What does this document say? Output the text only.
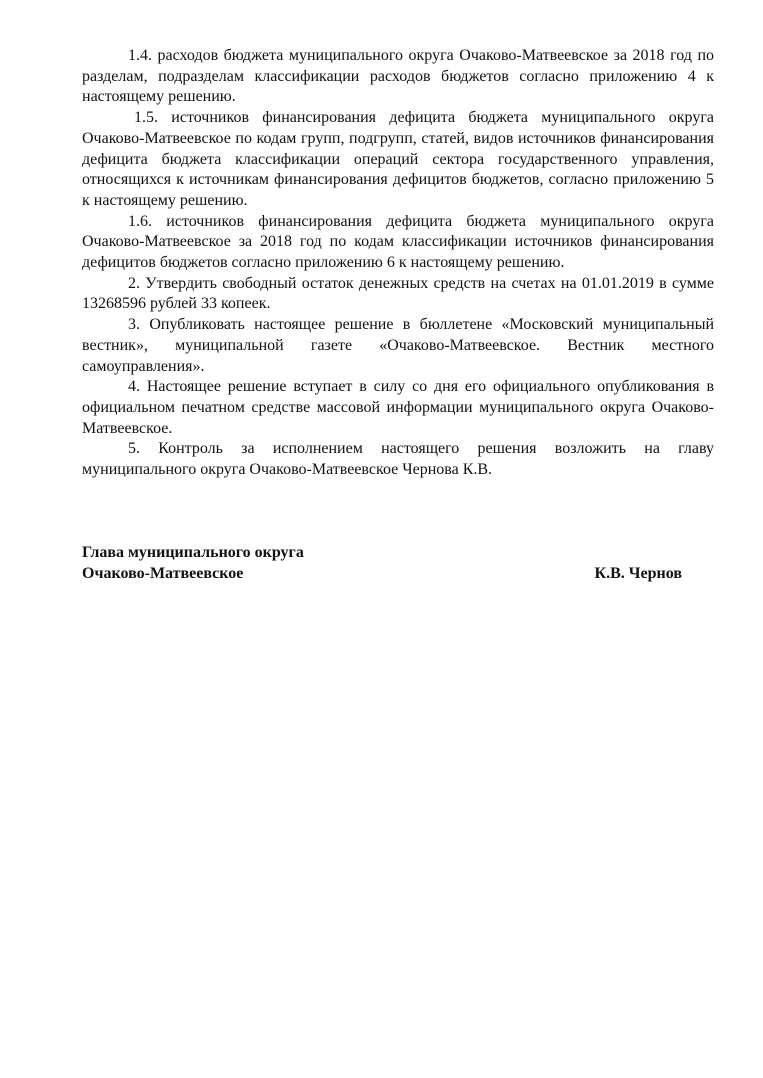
1.4. расходов бюджета муниципального округа Очаково-Матвеевское за 2018 год по разделам, подразделам классификации расходов бюджетов согласно приложению 4 к настоящему решению.

1.5. источников финансирования дефицита бюджета муниципального округа Очаково-Матвеевское по кодам групп, подгрупп, статей, видов источников финансирования дефицита бюджета классификации операций сектора государственного управления, относящихся к источникам финансирования дефицитов бюджетов, согласно приложению 5 к настоящему решению.

1.6. источников финансирования дефицита бюджета муниципального округа Очаково-Матвеевское за 2018 год по кодам классификации источников финансирования дефицитов бюджетов согласно приложению 6 к настоящему решению.

2. Утвердить свободный остаток денежных средств на счетах на 01.01.2019 в сумме 13268596 рублей 33 копеек.

3. Опубликовать настоящее решение в бюллетене «Московский муниципальный вестник», муниципальной газете «Очаково-Матвеевское. Вестник местного самоуправления».

4. Настоящее решение вступает в силу со дня его официального опубликования в официальном печатном средстве массовой информации муниципального округа Очаково-Матвеевское.

5. Контроль за исполнением настоящего решения возложить на главу муниципального округа Очаково-Матвеевское Чернова К.В.

Глава муниципального округа
Очаково-Матвеевское	К.В. Чернов
